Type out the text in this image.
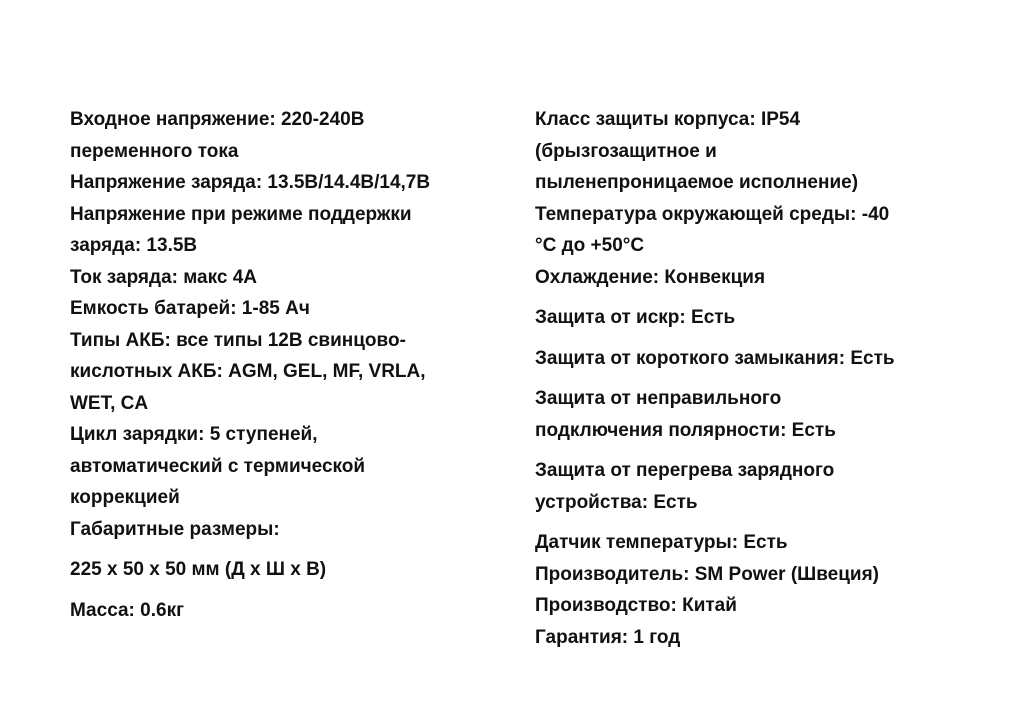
Входное напряжение: 220-240В
переменного тока
Напряжение заряда: 13.5В/14.4В/14,7В
Напряжение при режиме поддержки
заряда: 13.5В
Ток заряда: макс 4А
Емкость батарей: 1-85 Ач
Типы АКБ: все типы 12В свинцово-
кислотных АКБ: AGM, GEL, MF, VRLA,
WET, CA
Цикл зарядки: 5 ступеней,
автоматический с термической
коррекцией
Габаритные размеры:
225 х 50 х 50 мм (Д х Ш х В)
Масса: 0.6кг
Класс защиты корпуса: IP54
(брызгозащитное и
пыленепроницаемое исполнение)
Температура окружающей среды: -40
°С до +50°С
Охлаждение: Конвекция
Защита от искр: Есть
Защита от короткого замыкания: Есть
Защита от неправильного
подключения полярности: Есть
Защита от перегрева зарядного
устройства: Есть
Датчик температуры: Есть
Производитель: SM Power (Швеция)
Производство: Китай
Гарантия: 1 год
